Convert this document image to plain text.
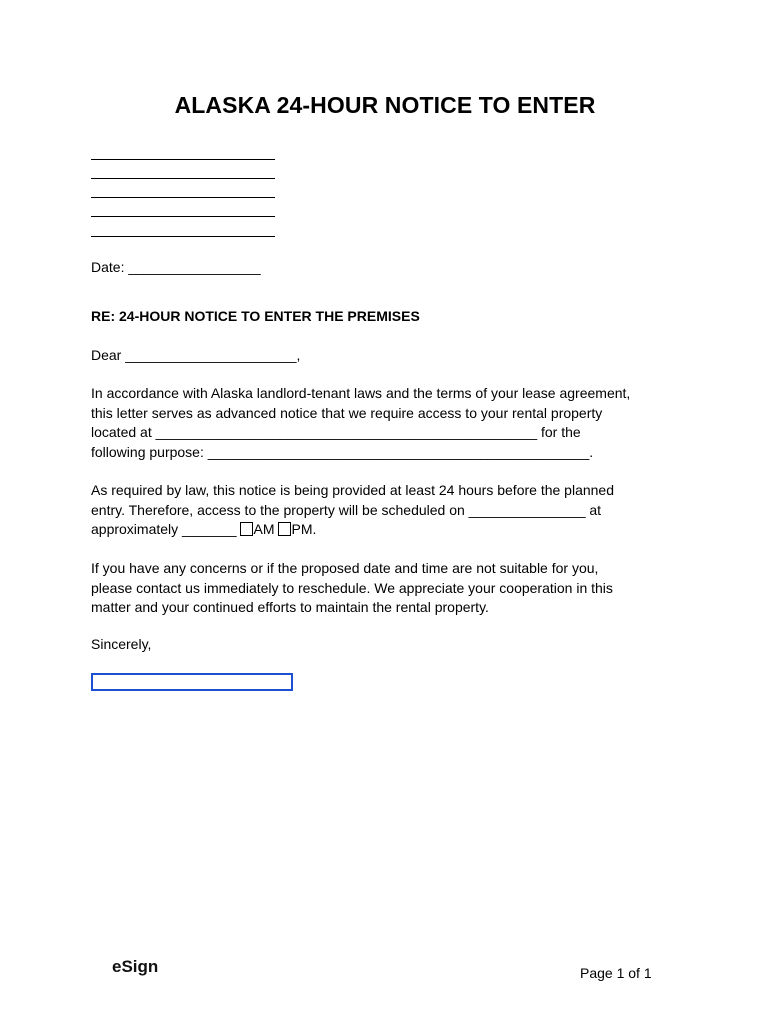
ALASKA 24-HOUR NOTICE TO ENTER
Date: _________________
RE: 24-HOUR NOTICE TO ENTER THE PREMISES
Dear ______________________,
In accordance with Alaska landlord-tenant laws and the terms of your lease agreement,
this letter serves as advanced notice that we require access to your rental property
located at _________________________________________________ for the
following purpose: _________________________________________________.
As required by law, this notice is being provided at least 24 hours before the planned
entry. Therefore, access to the property will be scheduled on _______________ at
approximately _______ AM PM.
If you have any concerns or if the proposed date and time are not suitable for you,
please contact us immediately to reschedule. We appreciate your cooperation in this
matter and your continued efforts to maintain the rental property.
Sincerely,
eSign	Page 1 of 1
